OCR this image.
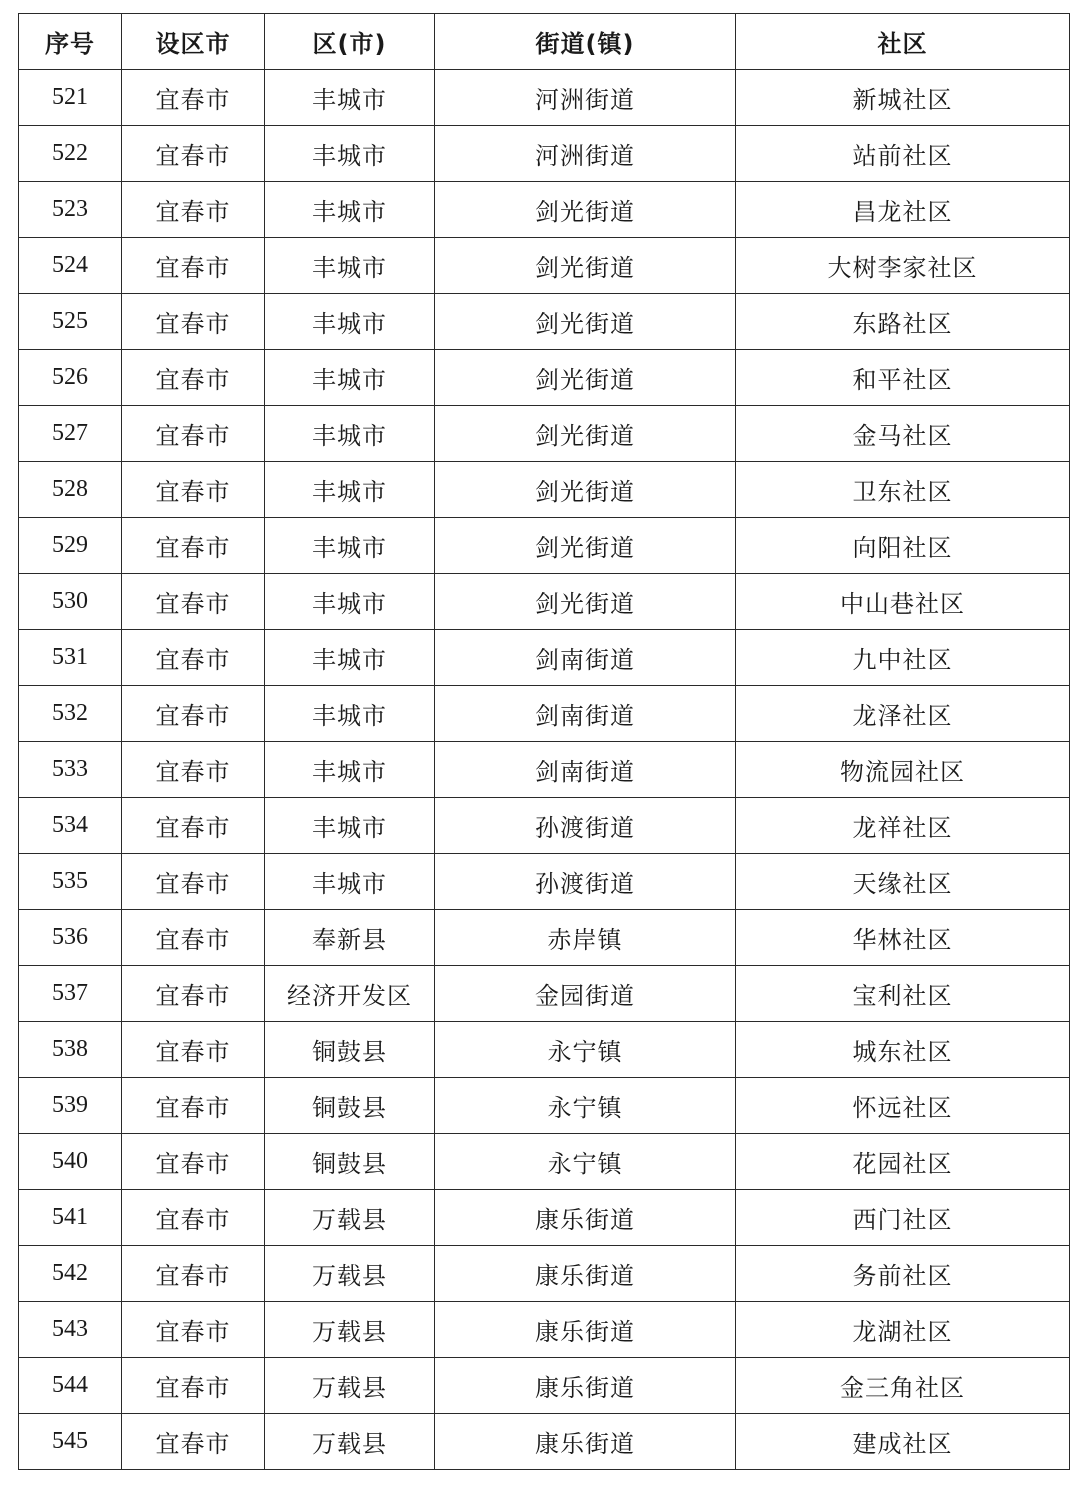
序号	设区市	区(市)	街道(镇)	社区
521	宜春市	丰城市	河洲街道	新城社区
522	宜春市	丰城市	河洲街道	站前社区
523	宜春市	丰城市	剑光街道	昌龙社区
524	宜春市	丰城市	剑光街道	大树李家社区
525	宜春市	丰城市	剑光街道	东路社区
526	宜春市	丰城市	剑光街道	和平社区
527	宜春市	丰城市	剑光街道	金马社区
528	宜春市	丰城市	剑光街道	卫东社区
529	宜春市	丰城市	剑光街道	向阳社区
530	宜春市	丰城市	剑光街道	中山巷社区
531	宜春市	丰城市	剑南街道	九中社区
532	宜春市	丰城市	剑南街道	龙泽社区
533	宜春市	丰城市	剑南街道	物流园社区
534	宜春市	丰城市	孙渡街道	龙祥社区
535	宜春市	丰城市	孙渡街道	天缘社区
536	宜春市	奉新县	赤岸镇	华林社区
537	宜春市	经济开发区	金园街道	宝利社区
538	宜春市	铜鼓县	永宁镇	城东社区
539	宜春市	铜鼓县	永宁镇	怀远社区
540	宜春市	铜鼓县	永宁镇	花园社区
541	宜春市	万载县	康乐街道	西门社区
542	宜春市	万载县	康乐街道	务前社区
543	宜春市	万载县	康乐街道	龙湖社区
544	宜春市	万载县	康乐街道	金三角社区
545	宜春市	万载县	康乐街道	建成社区
